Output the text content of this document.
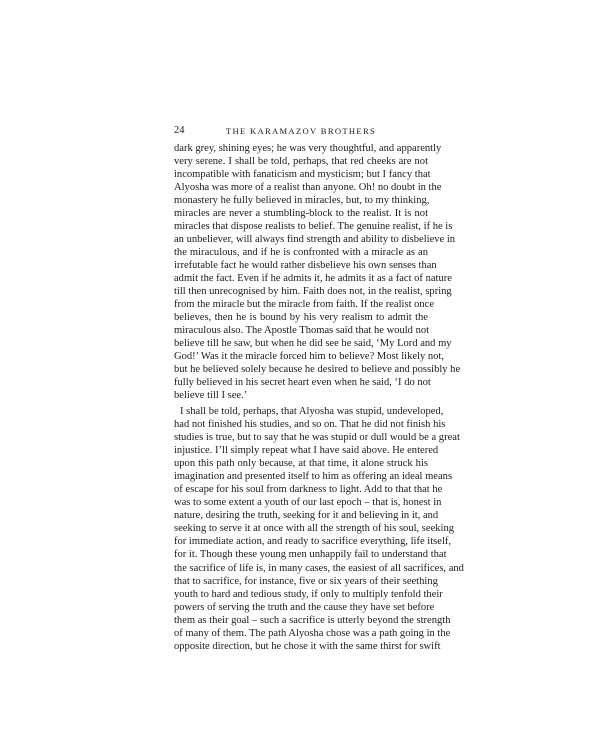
24	THE KARAMAZOV BROTHERS
dark grey, shining eyes; he was very thoughtful, and apparently
very serene. I shall be told, perhaps, that red cheeks are not
incompatible with fanaticism and mysticism; but I fancy that
Alyosha was more of a realist than anyone. Oh! no doubt in the
monastery he fully believed in miracles, but, to my thinking,
miracles are never a stumbling-block to the realist. It is not
miracles that dispose realists to belief. The genuine realist, if he is
an unbeliever, will always find strength and ability to disbelieve in
the miraculous, and if he is confronted with a miracle as an
irrefutable fact he would rather disbelieve his own senses than
admit the fact. Even if he admits it, he admits it as a fact of nature
till then unrecognised by him. Faith does not, in the realist, spring
from the miracle but the miracle from faith. If the realist once
believes, then he is bound by his very realism to admit the
miraculous also. The Apostle Thomas said that he would not
believe till he saw, but when he did see he said, ‘My Lord and my
God!’ Was it the miracle forced him to believe? Most likely not,
but he believed solely because he desired to believe and possibly he
fully believed in his secret heart even when he said, ‘I do not
believe till I see.’
I shall be told, perhaps, that Alyosha was stupid, undeveloped,
had not finished his studies, and so on. That he did not finish his
studies is true, but to say that he was stupid or dull would be a great
injustice. I’ll simply repeat what I have said above. He entered
upon this path only because, at that time, it alone struck his
imagination and presented itself to him as offering an ideal means
of escape for his soul from darkness to light. Add to that that he
was to some extent a youth of our last epoch – that is, honest in
nature, desiring the truth, seeking for it and believing in it, and
seeking to serve it at once with all the strength of his soul, seeking
for immediate action, and ready to sacrifice everything, life itself,
for it. Though these young men unhappily fail to understand that
the sacrifice of life is, in many cases, the easiest of all sacrifices, and
that to sacrifice, for instance, five or six years of their seething
youth to hard and tedious study, if only to multiply tenfold their
powers of serving the truth and the cause they have set before
them as their goal – such a sacrifice is utterly beyond the strength
of many of them. The path Alyosha chose was a path going in the
opposite direction, but he chose it with the same thirst for swift
